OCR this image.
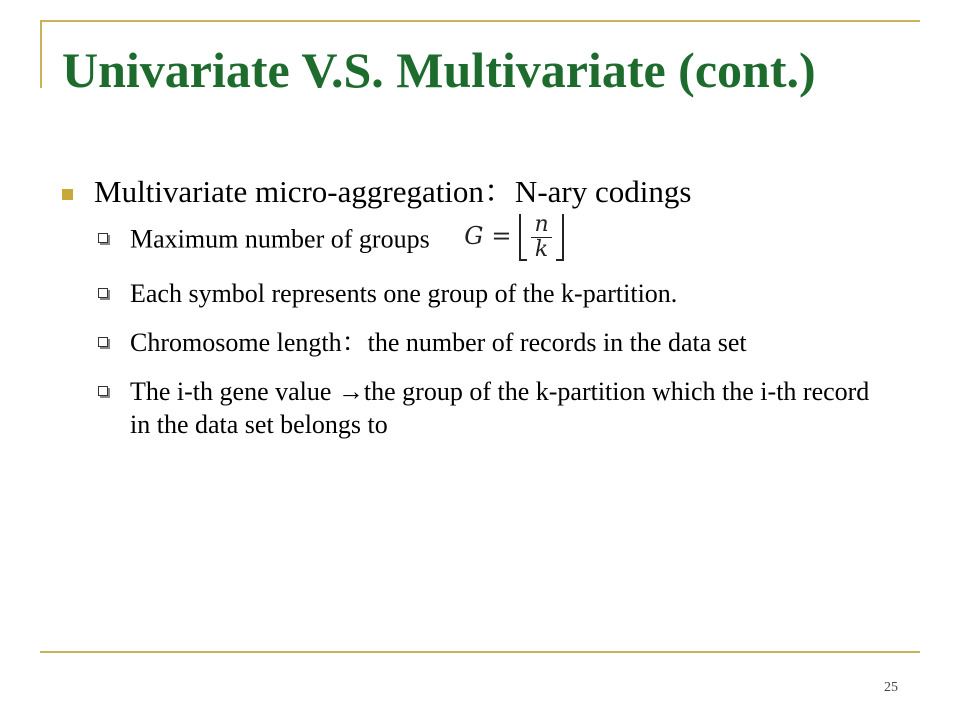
Univariate V.S. Multivariate (cont.)
Multivariate micro-aggregation：N-ary codings
Maximum number of groups $G = \frac{n}{k}$
Each symbol represents one group of the k-partition.
Chromosome length：the number of records in the data set
The i-th gene value →the group of the k-partition which the i-th record in the data set belongs to
25
